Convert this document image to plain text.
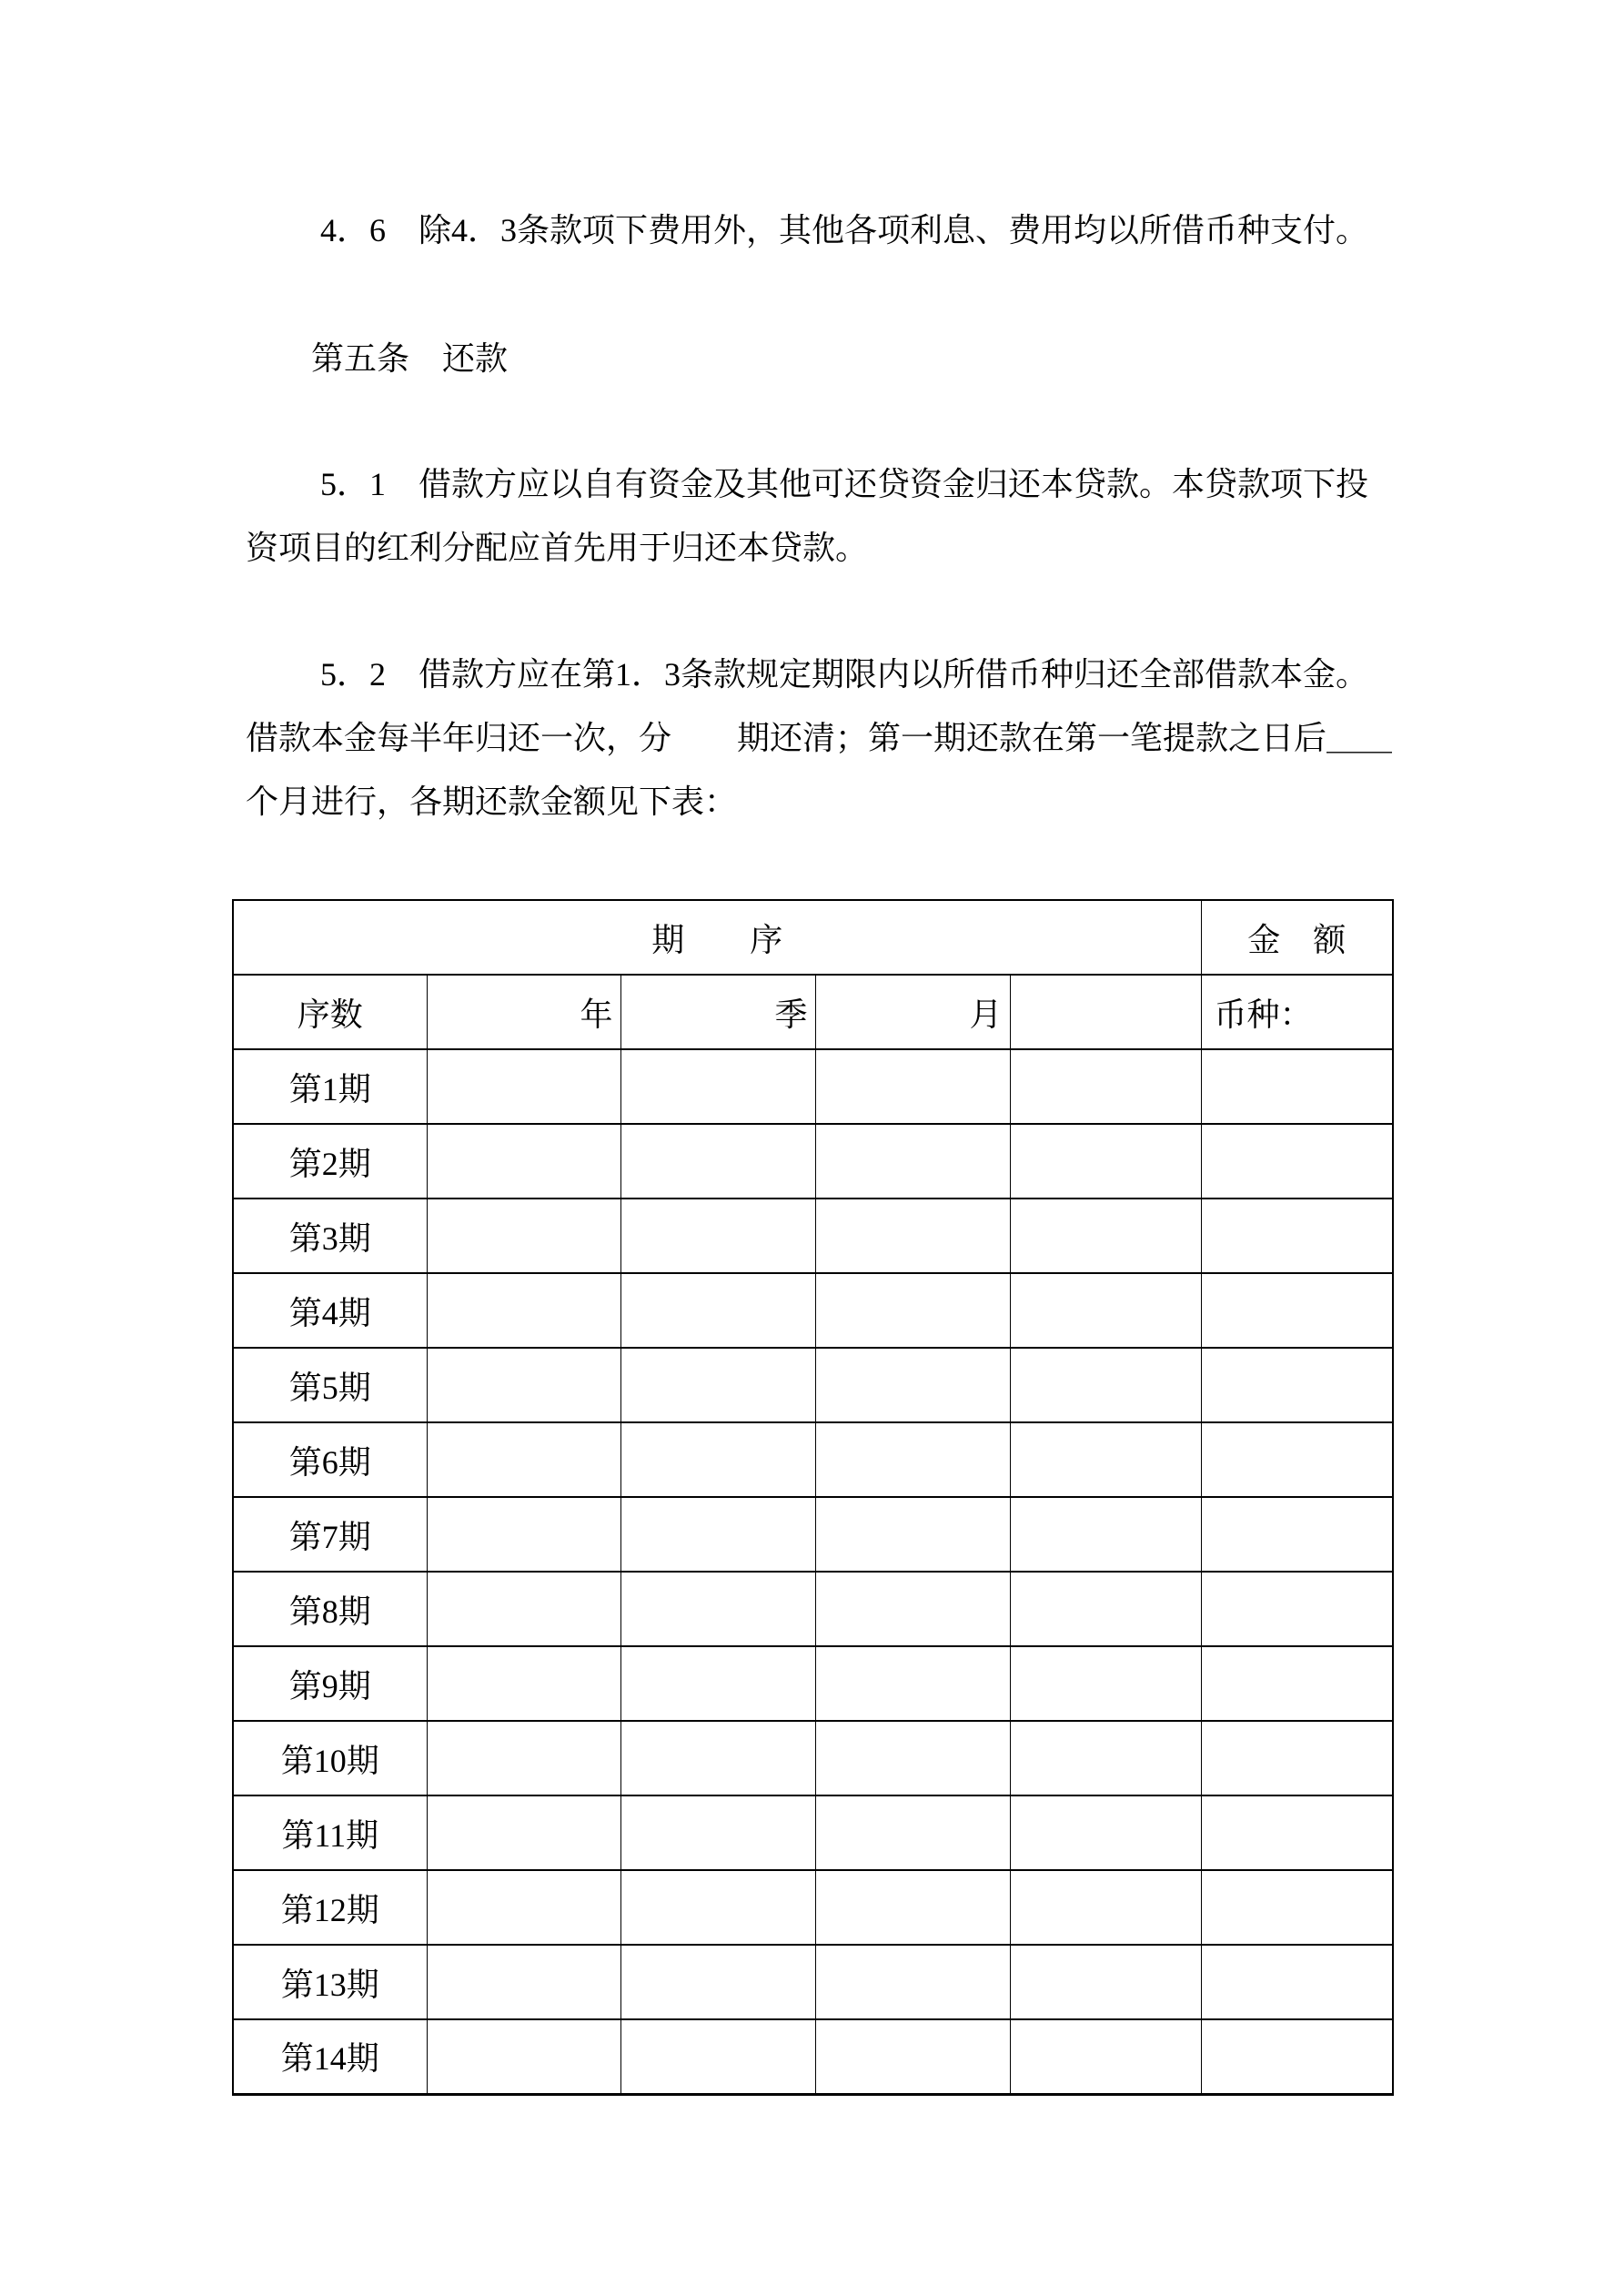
4．6　除4．3条款项下费用外，其他各项利息、费用均以所借币种支付。
第五条　还款
5．1　借款方应以自有资金及其他可还贷资金归还本贷款。本贷款项下投
资项目的红利分配应首先用于归还本贷款。
5．2　借款方应在第1．3条款规定期限内以所借币种归还全部借款本金。
借款本金每半年归还一次，分　　期还清；第一期还款在第一笔提款之日后＿＿
个月进行，各期还款金额见下表：
期　　序					金　额
序数	年	季	月		币种：
第1期					
第2期					
第3期					
第4期					
第5期					
第6期					
第7期					
第8期					
第9期					
第10期					
第11期					
第12期					
第13期					
第14期					
